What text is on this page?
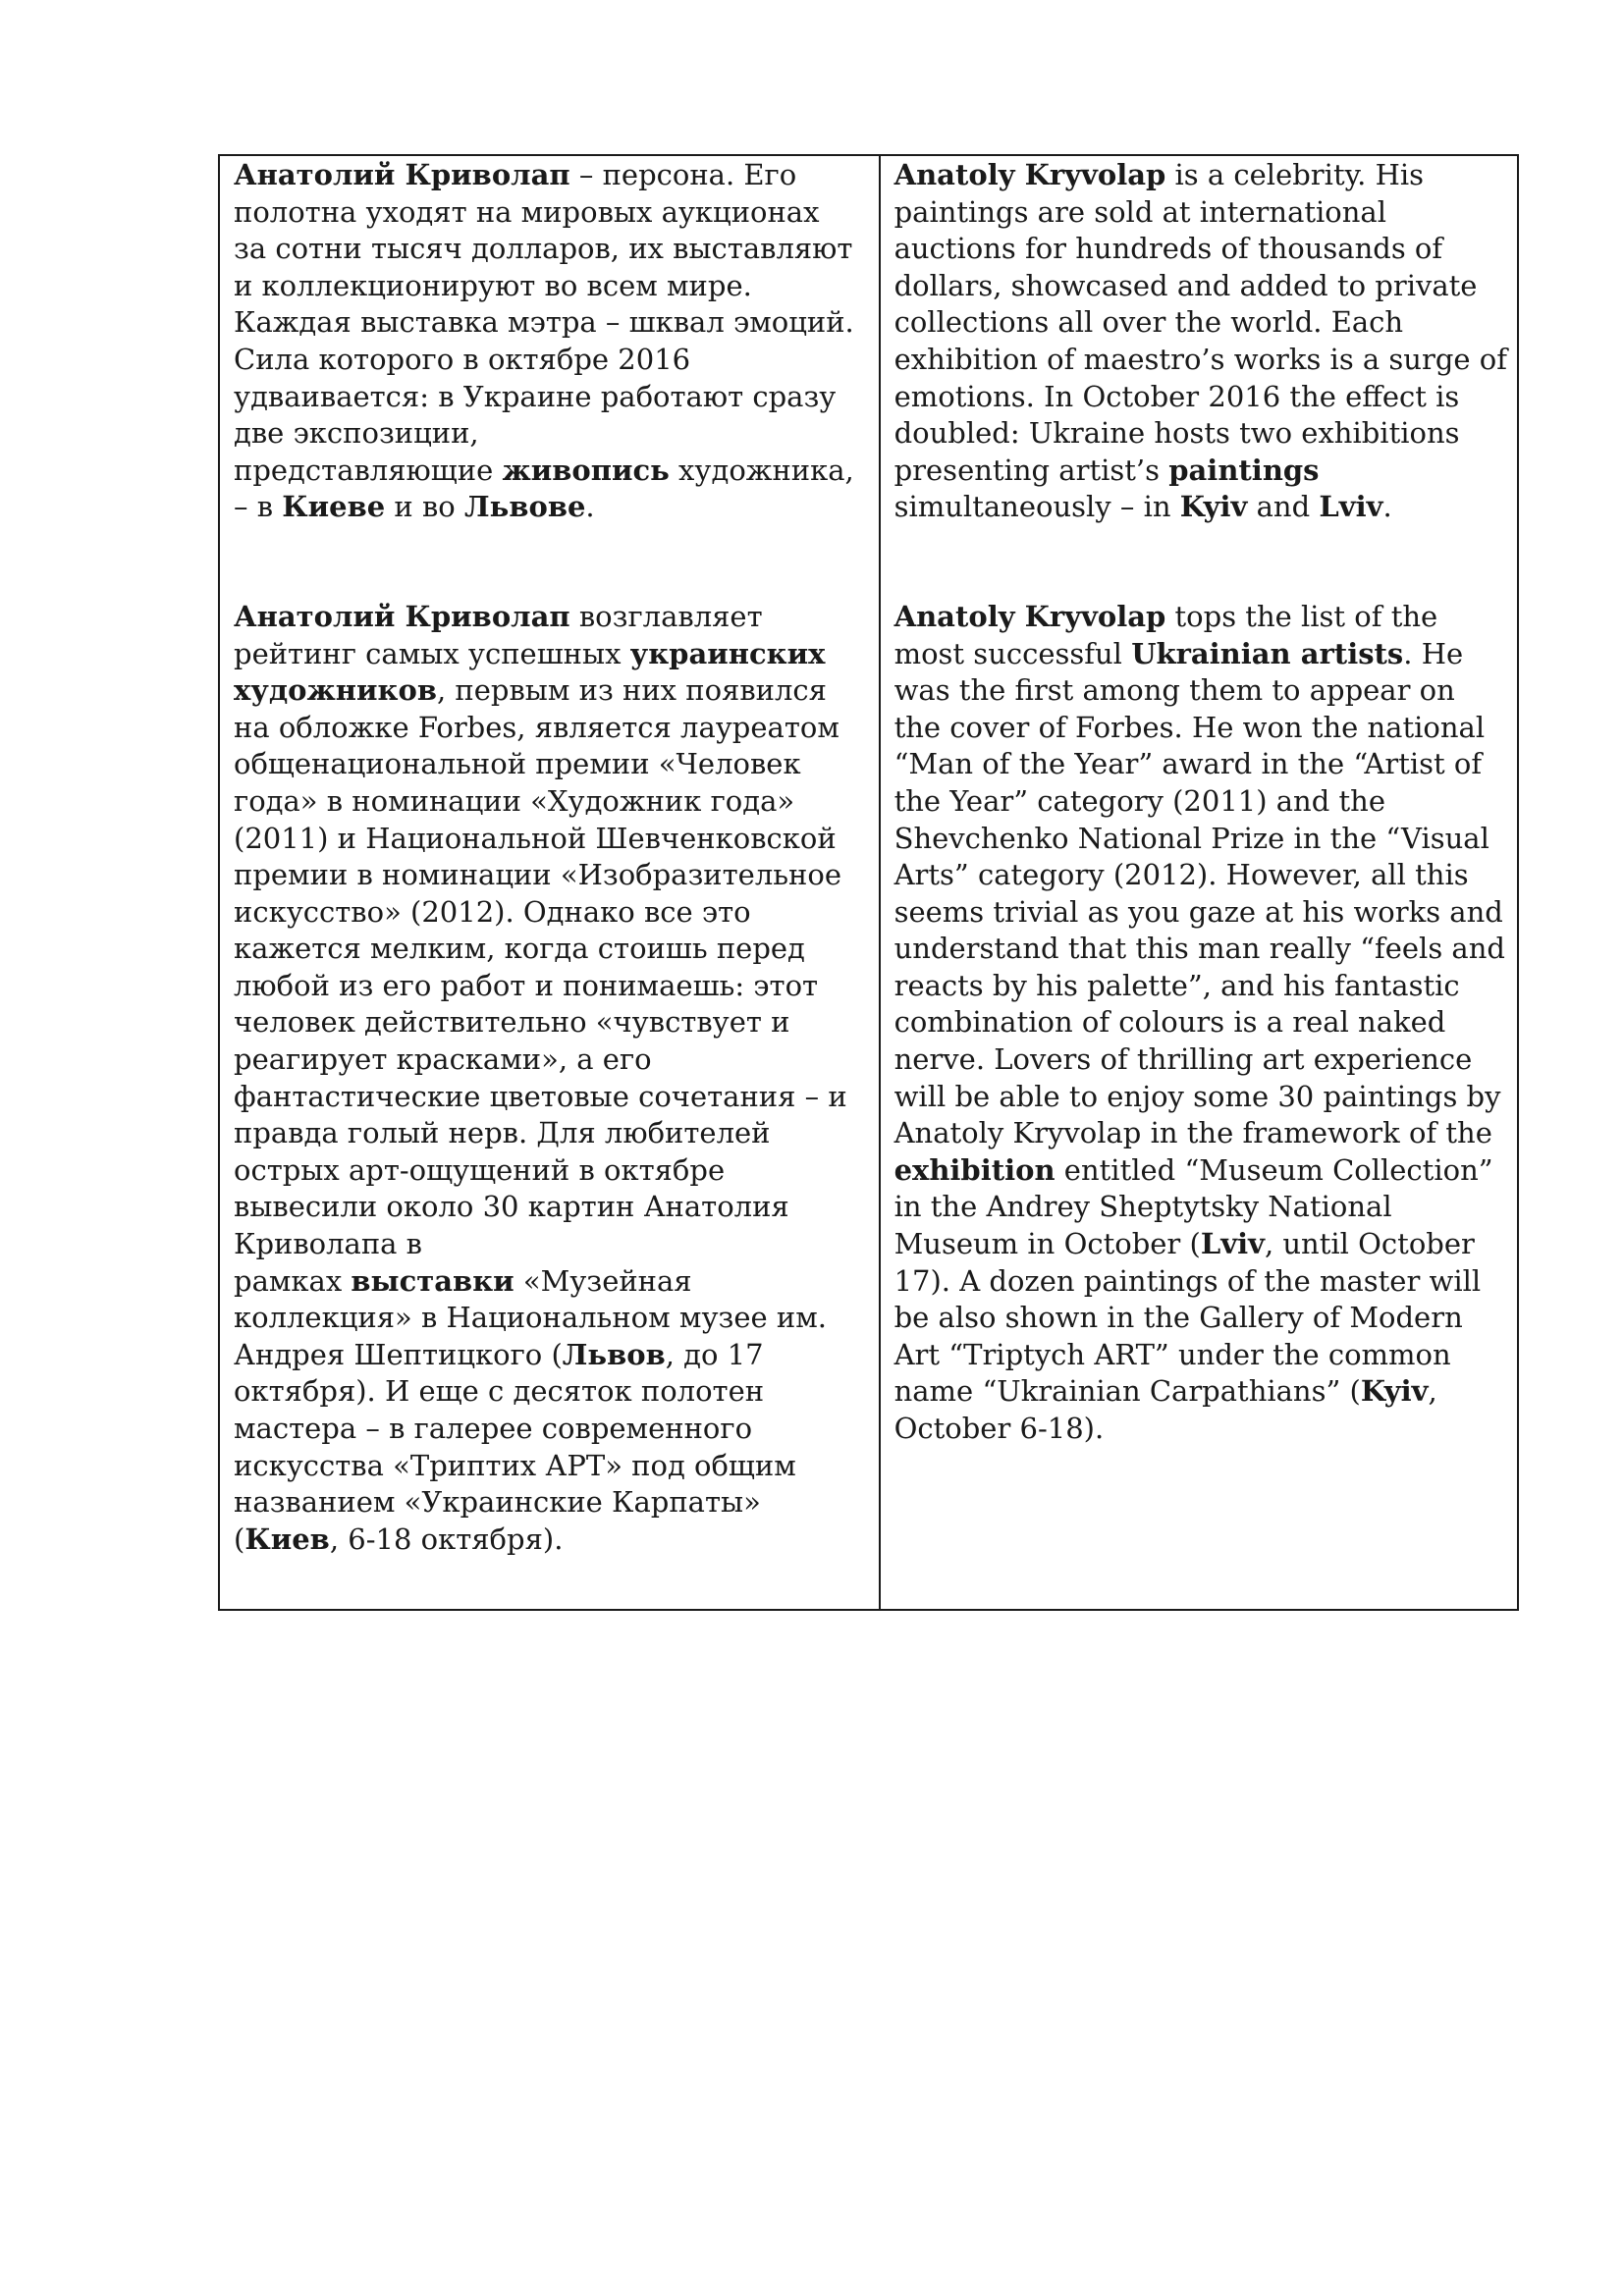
Анатолий Криволап – персона. Его
полотна уходят на мировых аукционах
за сотни тысяч долларов, их выставляют
и коллекционируют во всем мире.
Каждая выставка мэтра – шквал эмоций.
Сила которого в октябре 2016
удваивается: в Украине работают сразу
две экспозиции,
представляющие живопись художника,
– в Киеве и во Львове.

Анатолий Криволап возглавляет
рейтинг самых успешных украинских
художников, первым из них появился
на обложке Forbes, является лауреатом
общенациональной премии «Человек
года» в номинации «Художник года»
(2011) и Национальной Шевченковской
премии в номинации «Изобразительное
искусство» (2012). Однако все это
кажется мелким, когда стоишь перед
любой из его работ и понимаешь: этот
человек действительно «чувствует и
реагирует красками», а его
фантастические цветовые сочетания – и
правда голый нерв. Для любителей
острых арт-ощущений в октябре
вывесили около 30 картин Анатолия
Криволапа в
рамках выставки «Музейная
коллекция» в Национальном музее им.
Андрея Шептицкого (Львов, до 17
октября). И еще с десяток полотен
мастера – в галерее современного
искусства «Триптих АРТ» под общим
названием «Украинские Карпаты»
(Киев, 6-18 октября).

Anatoly Kryvolap is a celebrity. His
paintings are sold at international
auctions for hundreds of thousands of
dollars, showcased and added to private
collections all over the world. Each
exhibition of maestro’s works is a surge of
emotions. In October 2016 the effect is
doubled: Ukraine hosts two exhibitions
presenting artist’s paintings
simultaneously – in Kyiv and Lviv.

Anatoly Kryvolap tops the list of the
most successful Ukrainian artists. He
was the first among them to appear on
the cover of Forbes. He won the national
“Man of the Year” award in the “Artist of
the Year” category (2011) and the
Shevchenko National Prize in the “Visual
Arts” category (2012). However, all this
seems trivial as you gaze at his works and
understand that this man really “feels and
reacts by his palette”, and his fantastic
combination of colours is a real naked
nerve. Lovers of thrilling art experience
will be able to enjoy some 30 paintings by
Anatoly Kryvolap in the framework of the
exhibition entitled “Museum Collection”
in the Andrey Sheptytsky National
Museum in October (Lviv, until October
17). A dozen paintings of the master will
be also shown in the Gallery of Modern
Art “Triptych ART” under the common
name “Ukrainian Carpathians” (Kyiv,
October 6-18).
